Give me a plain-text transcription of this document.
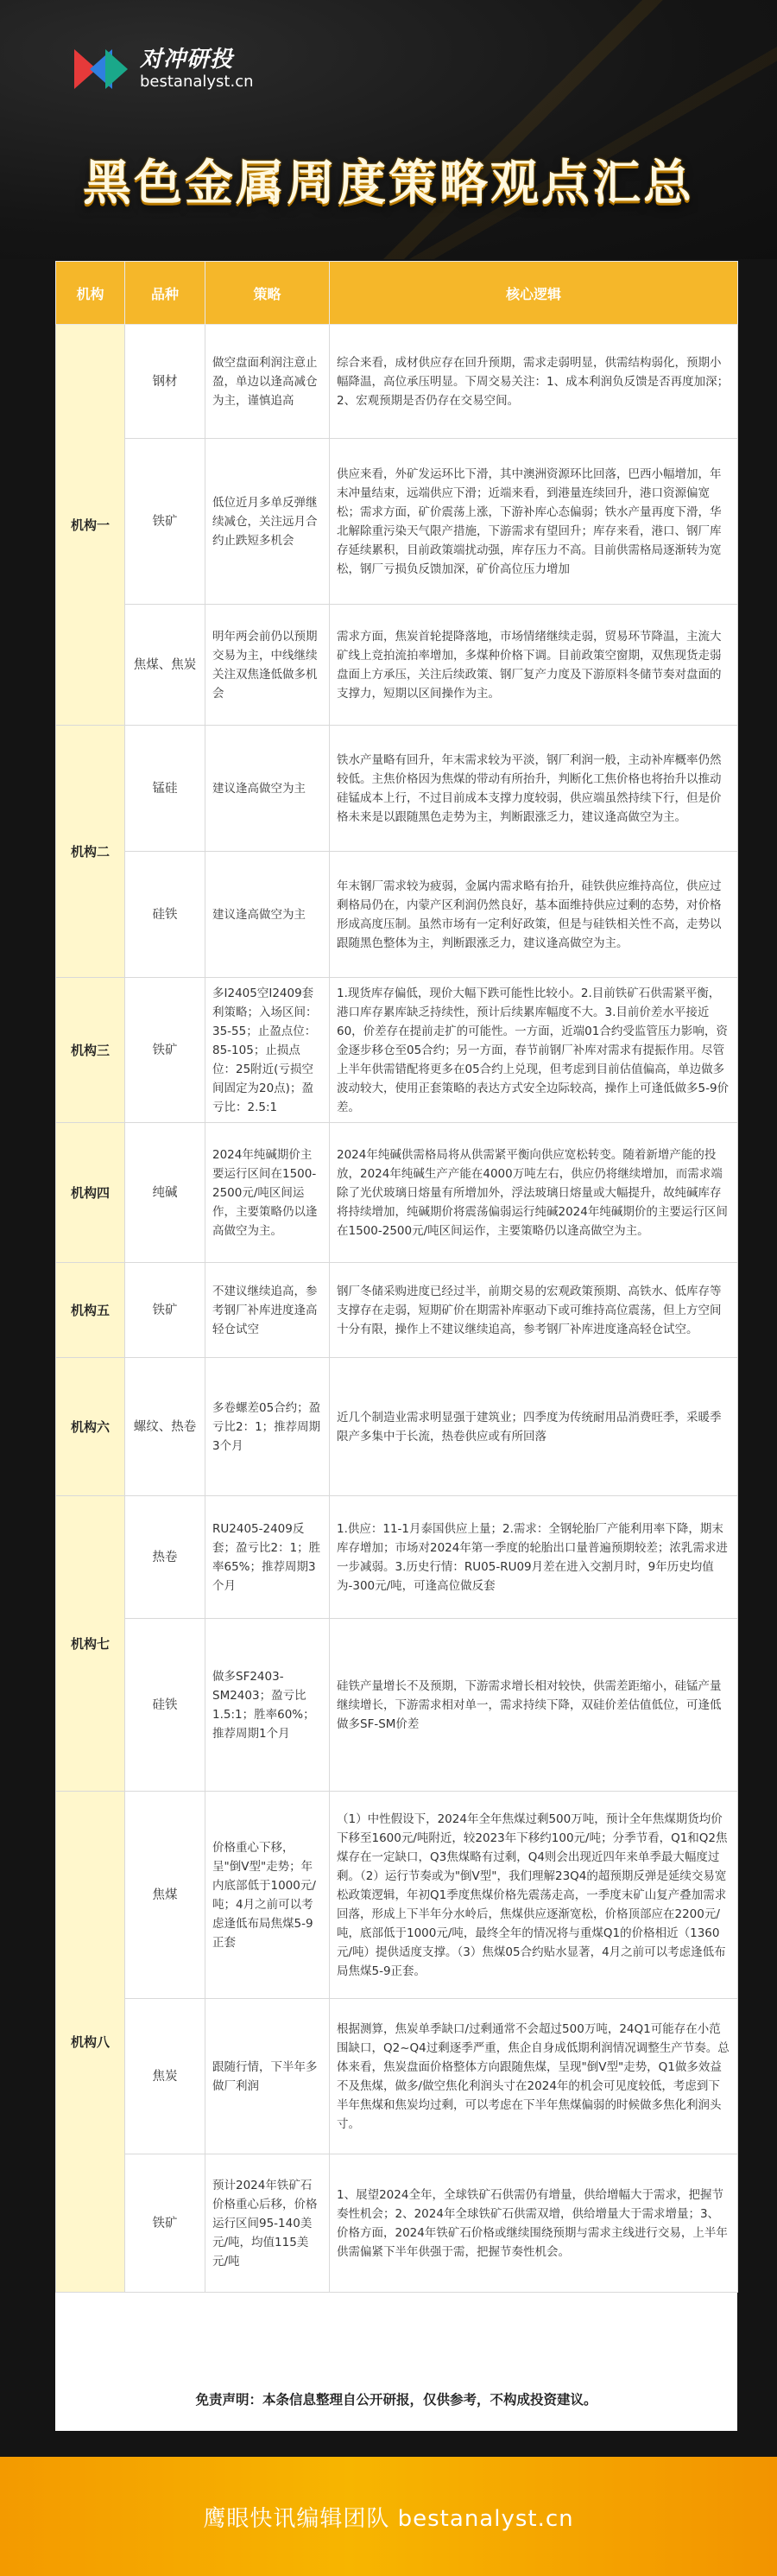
对冲研投
bestanalyst.cn
黑色金属周度策略观点汇总
机构	品种	策略	核心逻辑
机构一	钢材	做空盘面利润注意止盈，单边以逢高减仓为主，谨慎追高	综合来看，成材供应存在回升预期，需求走弱明显，供需结构弱化，预期小幅降温，高位承压明显。下周交易关注：1、成本利润负反馈是否再度加深；2、宏观预期是否仍存在交易空间。
	铁矿	低位近月多单反弹继续减仓，关注远月合约止跌短多机会	供应来看，外矿发运环比下滑，其中澳洲资源环比回落，巴西小幅增加，年末冲量结束，远端供应下滑；近端来看，到港量连续回升，港口资源偏宽松；需求方面，矿价震荡上涨，下游补库心态偏弱；铁水产量再度下滑，华北解除重污染天气限产措施，下游需求有望回升；库存来看，港口、钢厂库存延续累积，目前政策端扰动强，库存压力不高。目前供需格局逐渐转为宽松，钢厂亏损负反馈加深，矿价高位压力增加
	焦煤、焦炭	明年两会前仍以预期交易为主，中线继续关注双焦逢低做多机会	需求方面，焦炭首轮提降落地，市场情绪继续走弱，贸易环节降温，主流大矿线上竞拍流拍率增加，多煤种价格下调。目前政策空窗期，双焦现货走弱盘面上方承压，关注后续政策、钢厂复产力度及下游原料冬储节奏对盘面的支撑力，短期以区间操作为主。
机构二	锰硅	建议逢高做空为主	铁水产量略有回升，年末需求较为平淡，钢厂利润一般，主动补库概率仍然较低。主焦价格因为焦煤的带动有所抬升，判断化工焦价格也将抬升以推动硅锰成本上行，不过目前成本支撑力度较弱，供应端虽然持续下行，但是价格未来是以跟随黑色走势为主，判断跟涨乏力，建议逢高做空为主。
	硅铁	建议逢高做空为主	年末钢厂需求较为疲弱，金属内需求略有抬升，硅铁供应维持高位，供应过剩格局仍在，内蒙产区利润仍然良好，基本面维持供应过剩的态势，对价格形成高度压制。虽然市场有一定利好政策，但是与硅铁相关性不高，走势以跟随黑色整体为主，判断跟涨乏力，建议逢高做空为主。
机构三	铁矿	多I2405空I2409套利策略；入场区间：35-55；止盈点位：85-105；止损点位：25附近(亏损空间固定为20点)；盈亏比：2.5:1	1.现货库存偏低，现价大幅下跌可能性比较小。2.目前铁矿石供需紧平衡，港口库存累库缺乏持续性，预计后续累库幅度不大。3.目前价差水平接近60，价差存在提前走扩的可能性。一方面，近端01合约受监管压力影响，资金逐步移仓至05合约；另一方面，春节前钢厂补库对需求有提振作用。尽管上半年供需错配将更多在05合约上兑现，但考虑到目前估值偏高，单边做多波动较大，使用正套策略的表达方式安全边际较高，操作上可逢低做多5-9价差。
机构四	纯碱	2024年纯碱期价主要运行区间在1500-2500元/吨区间运作，主要策略仍以逢高做空为主。	2024年纯碱供需格局将从供需紧平衡向供应宽松转变。随着新增产能的投放，2024年纯碱生产产能在4000万吨左右，供应仍将继续增加，而需求端除了光伏玻璃日熔量有所增加外，浮法玻璃日熔量或大幅提升，故纯碱库存将持续增加，纯碱期价将震荡偏弱运行纯碱2024年纯碱期价的主要运行区间在1500-2500元/吨区间运作，主要策略仍以逢高做空为主。
机构五	铁矿	不建议继续追高，参考钢厂补库进度逢高轻仓试空	钢厂冬储采购进度已经过半，前期交易的宏观政策预期、高铁水、低库存等支撑存在走弱，短期矿价在期需补库驱动下或可维持高位震荡，但上方空间十分有限，操作上不建议继续追高，参考钢厂补库进度逢高轻仓试空。
机构六	螺纹、热卷	多卷螺差05合约；盈亏比2：1；推荐周期3个月	近几个制造业需求明显强于建筑业；四季度为传统耐用品消费旺季，采暖季限产多集中于长流，热卷供应或有所回落
机构七	热卷	RU2405-2409反套；盈亏比2：1；胜率65%；推荐周期3个月	1.供应：11-1月泰国供应上量；2.需求：全钢轮胎厂产能利用率下降，期末库存增加；市场对2024年第一季度的轮胎出口量普遍预期较差；浓乳需求进一步减弱。3.历史行情：RU05-RU09月差在进入交割月时，9年历史均值为-300元/吨，可逢高位做反套
	硅铁	做多SF2403-SM2403；盈亏比1.5:1；胜率60%；推荐周期1个月	硅铁产量增长不及预期，下游需求增长相对较快，供需差距缩小，硅锰产量继续增长，下游需求相对单一，需求持续下降，双硅价差估值低位，可逢低做多SF-SM价差
机构八	焦煤	价格重心下移，呈"倒V型"走势；年内底部低于1000元/吨；4月之前可以考虑逢低布局焦煤5-9正套	（1）中性假设下，2024年全年焦煤过剩500万吨，预计全年焦煤期货均价下移至1600元/吨附近，较2023年下移约100元/吨；分季节看，Q1和Q2焦煤存在一定缺口，Q3焦煤略有过剩，Q4则会出现近四年来单季最大幅度过剩。（2）运行节奏或为"倒V型"，我们理解23Q4的超预期反弹是延续交易宽松政策逻辑，年初Q1季度焦煤价格先震荡走高，一季度末矿山复产叠加需求回落，形成上下半年分水岭后，焦煤供应逐渐宽松，价格顶部应在2200元/吨，底部低于1000元/吨，最终全年的情况将与重煤Q1的价格相近（1360元/吨）提供适度支撑。（3）焦煤05合约贴水显著，4月之前可以考虑逢低布局焦煤5-9正套。
	焦炭	跟随行情，下半年多做厂利润	根据测算，焦炭单季缺口/过剩通常不会超过500万吨，24Q1可能存在小范围缺口，Q2~Q4过剩逐季严重，焦企自身成低期利润情况调整生产节奏。总体来看，焦炭盘面价格整体方向跟随焦煤，呈现"倒V型"走势，Q1做多效益不及焦煤，做多/做空焦化利润头寸在2024年的机会可见度较低，考虑到下半年焦煤和焦炭均过剩，可以考虑在下半年焦煤偏弱的时候做多焦化利润头寸。
	铁矿	预计2024年铁矿石价格重心后移，价格运行区间95-140美元/吨，均值115美元/吨	1、展望2024全年，全球铁矿石供需仍有增量，供给增幅大于需求，把握节奏性机会；2、2024年全球铁矿石供需双增，供给增量大于需求增量；3、价格方面，2024年铁矿石价格或继续围绕预期与需求主线进行交易，上半年供需偏紧下半年供强于需，把握节奏性机会。
免责声明：本条信息整理自公开研报，仅供参考，不构成投资建议。
鹰眼快讯编辑团队 bestanalyst.cn
